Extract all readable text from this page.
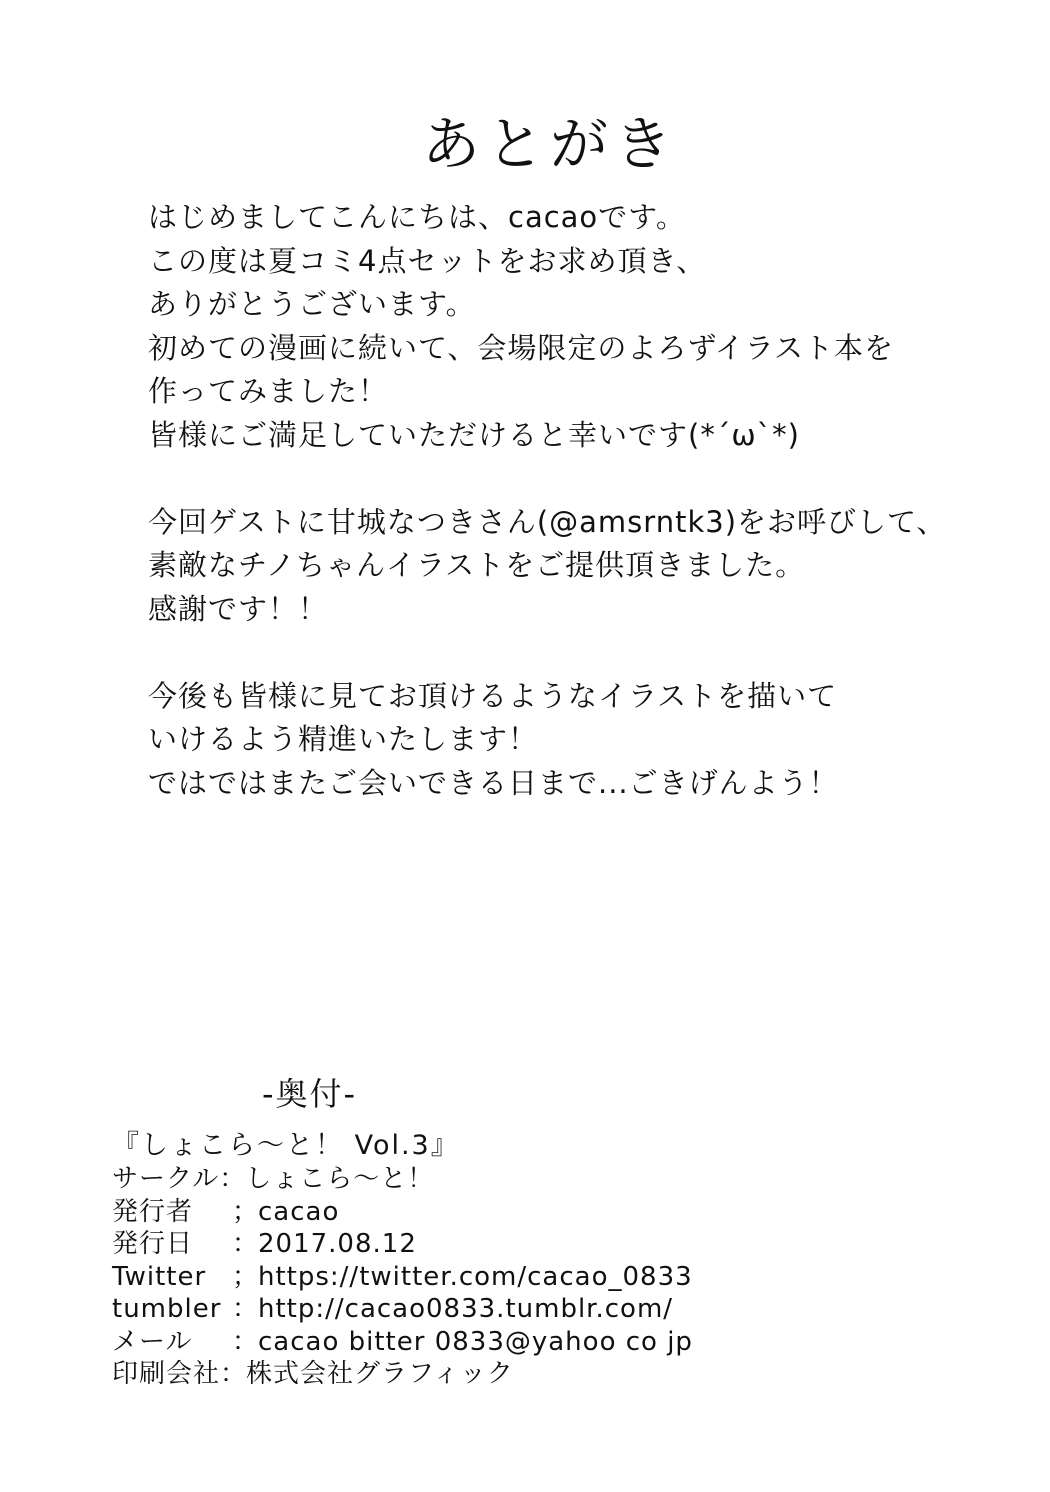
あとがき
はじめましてこんにちは、cacaoです。
この度は夏コミ4点セットをお求め頂き、
ありがとうございます。
初めての漫画に続いて、会場限定のよろずイラスト本を
作ってみました！
皆様にご満足していただけると幸いです(*´ω`*)
今回ゲストに甘城なつきさん(@amsrntk3)をお呼びして、
素敵なチノちゃんイラストをご提供頂きました。
感謝です！！
今後も皆様に見てお頂けるようなイラストを描いて
いけるよう精進いたします！
ではではまたご会いできる日まで...ごきげんよう！
-奥付-
『しょこら〜と！ Vol.3』
サークル ： しょこら〜と！
発行者	； cacao
発行日	： 2017.08.12
Twitter ； https://twitter.com/cacao_0833
tumbler ： http://cacao0833.tumblr.com/
メール	： cacao bitter 0833@yahoo co jp
印刷会社 ： 株式会社グラフィック
